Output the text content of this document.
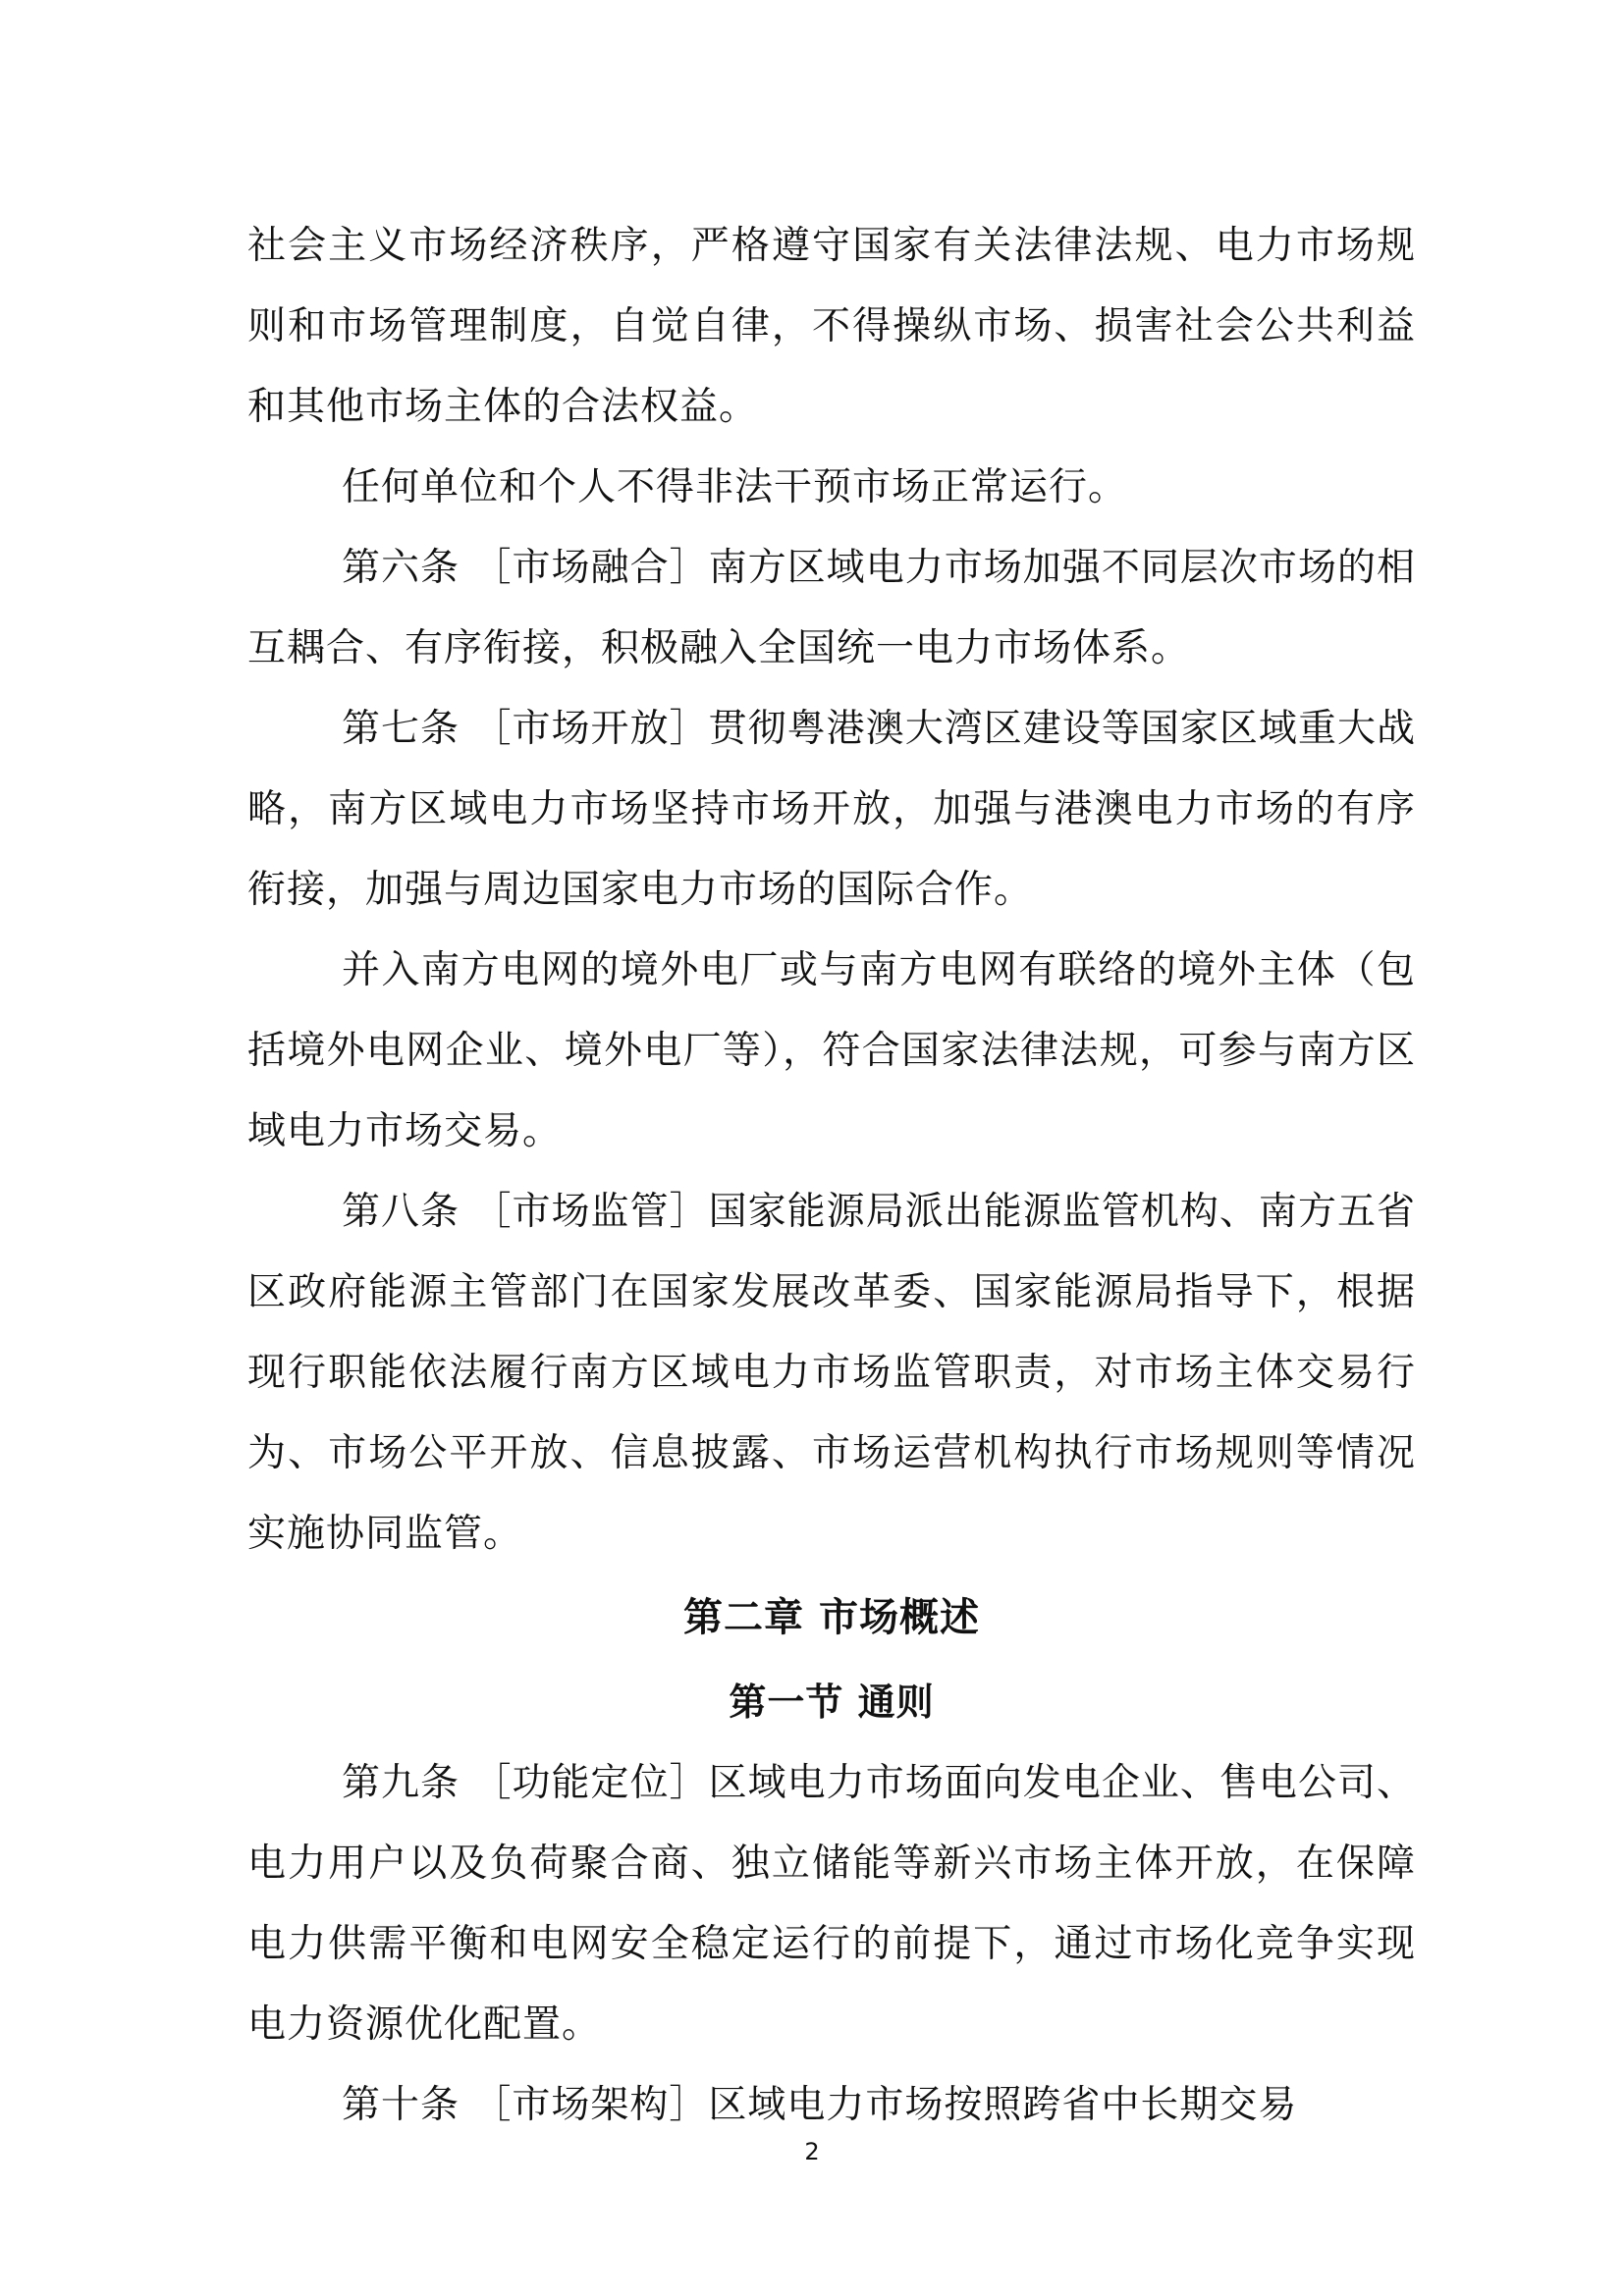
社会主义市场经济秩序，严格遵守国家有关法律法规、电力市场规则和市场管理制度，自觉自律，不得操纵市场、损害社会公共利益和其他市场主体的合法权益。

任何单位和个人不得非法干预市场正常运行。

第六条 ［市场融合］南方区域电力市场加强不同层次市场的相互耦合、有序衔接，积极融入全国统一电力市场体系。

第七条 ［市场开放］贯彻粤港澳大湾区建设等国家区域重大战略，南方区域电力市场坚持市场开放，加强与港澳电力市场的有序衔接，加强与周边国家电力市场的国际合作。

并入南方电网的境外电厂或与南方电网有联络的境外主体（包括境外电网企业、境外电厂等），符合国家法律法规，可参与南方区域电力市场交易。

第八条 ［市场监管］国家能源局派出能源监管机构、南方五省区政府能源主管部门在国家发展改革委、国家能源局指导下，根据现行职能依法履行南方区域电力市场监管职责，对市场主体交易行为、市场公平开放、信息披露、市场运营机构执行市场规则等情况实施协同监管。

第二章 市场概述
第一节 通则

第九条 ［功能定位］区域电力市场面向发电企业、售电公司、电力用户以及负荷聚合商、独立储能等新兴市场主体开放，在保障电力供需平衡和电网安全稳定运行的前提下，通过市场化竞争实现电力资源优化配置。

第十条 ［市场架构］区域电力市场按照跨省中长期交易

2
